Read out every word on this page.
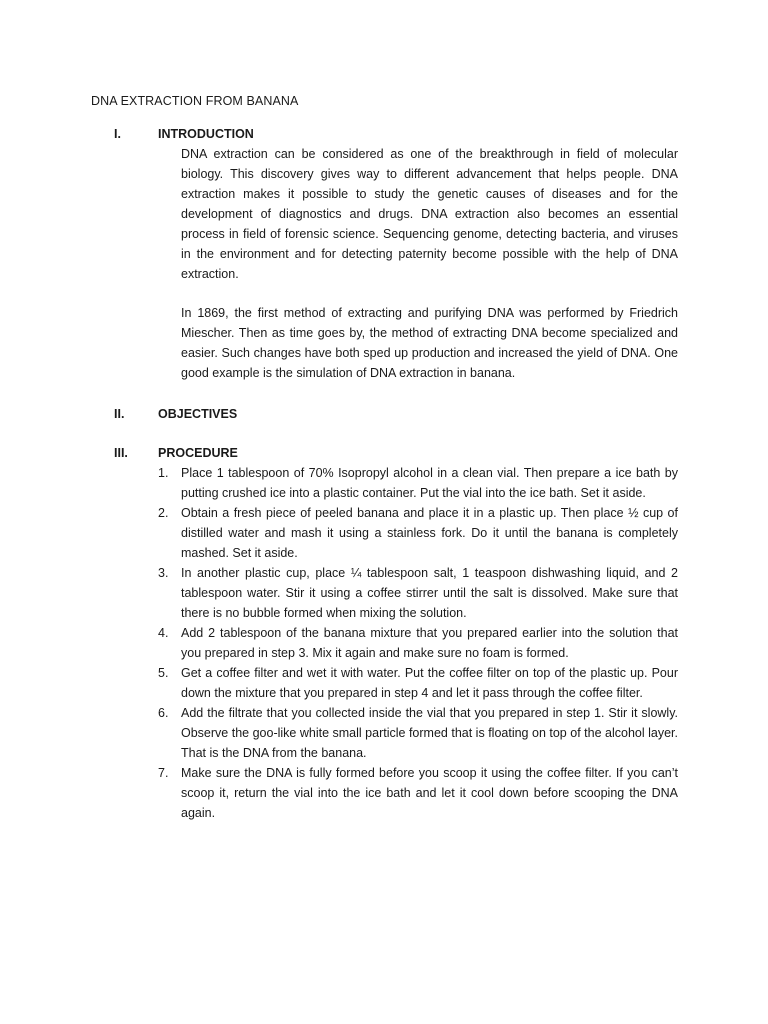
DNA EXTRACTION FROM BANANA
I.	INTRODUCTION

DNA extraction can be considered as one of the breakthrough in field of molecular biology. This discovery gives way to different advancement that helps people. DNA extraction makes it possible to study the genetic causes of diseases and for the development of diagnostics and drugs. DNA extraction also becomes an essential process in field of forensic science. Sequencing genome, detecting bacteria, and viruses in the environment and for detecting paternity become possible with the help of DNA extraction.

In 1869, the first method of extracting and purifying DNA was performed by Friedrich Miescher. Then as time goes by, the method of extracting DNA become specialized and easier. Such changes have both sped up production and increased the yield of DNA. One good example is the simulation of DNA extraction in banana.

II.	OBJECTIVES
III. PROCEDURE
1.	Place 1 tablespoon of 70% Isopropyl alcohol in a clean vial. Then prepare a ice bath by putting crushed ice into a plastic container. Put the vial into the ice bath. Set it aside.
2.	Obtain a fresh piece of peeled banana and place it in a plastic up. Then place ½ cup of distilled water and mash it using a stainless fork. Do it until the banana is completely mashed. Set it aside.
3.	In another plastic cup, place ¼ tablespoon salt, 1 teaspoon dishwashing liquid, and 2 tablespoon water. Stir it using a coffee stirrer until the salt is dissolved. Make sure that there is no bubble formed when mixing the solution.
4.	Add 2 tablespoon of the banana mixture that you prepared earlier into the solution that you prepared in step 3. Mix it again and make sure no foam is formed.
5.	Get a coffee filter and wet it with water. Put the coffee filter on top of the plastic up. Pour down the mixture that you prepared in step 4 and let it pass through the coffee filter.
6.	Add the filtrate that you collected inside the vial that you prepared in step 1. Stir it slowly. Observe the goo-like white small particle formed that is floating on top of the alcohol layer. That is the DNA from the banana.
7.	Make sure the DNA is fully formed before you scoop it using the coffee filter. If you can’t scoop it, return the vial into the ice bath and let it cool down before scooping the DNA again.
